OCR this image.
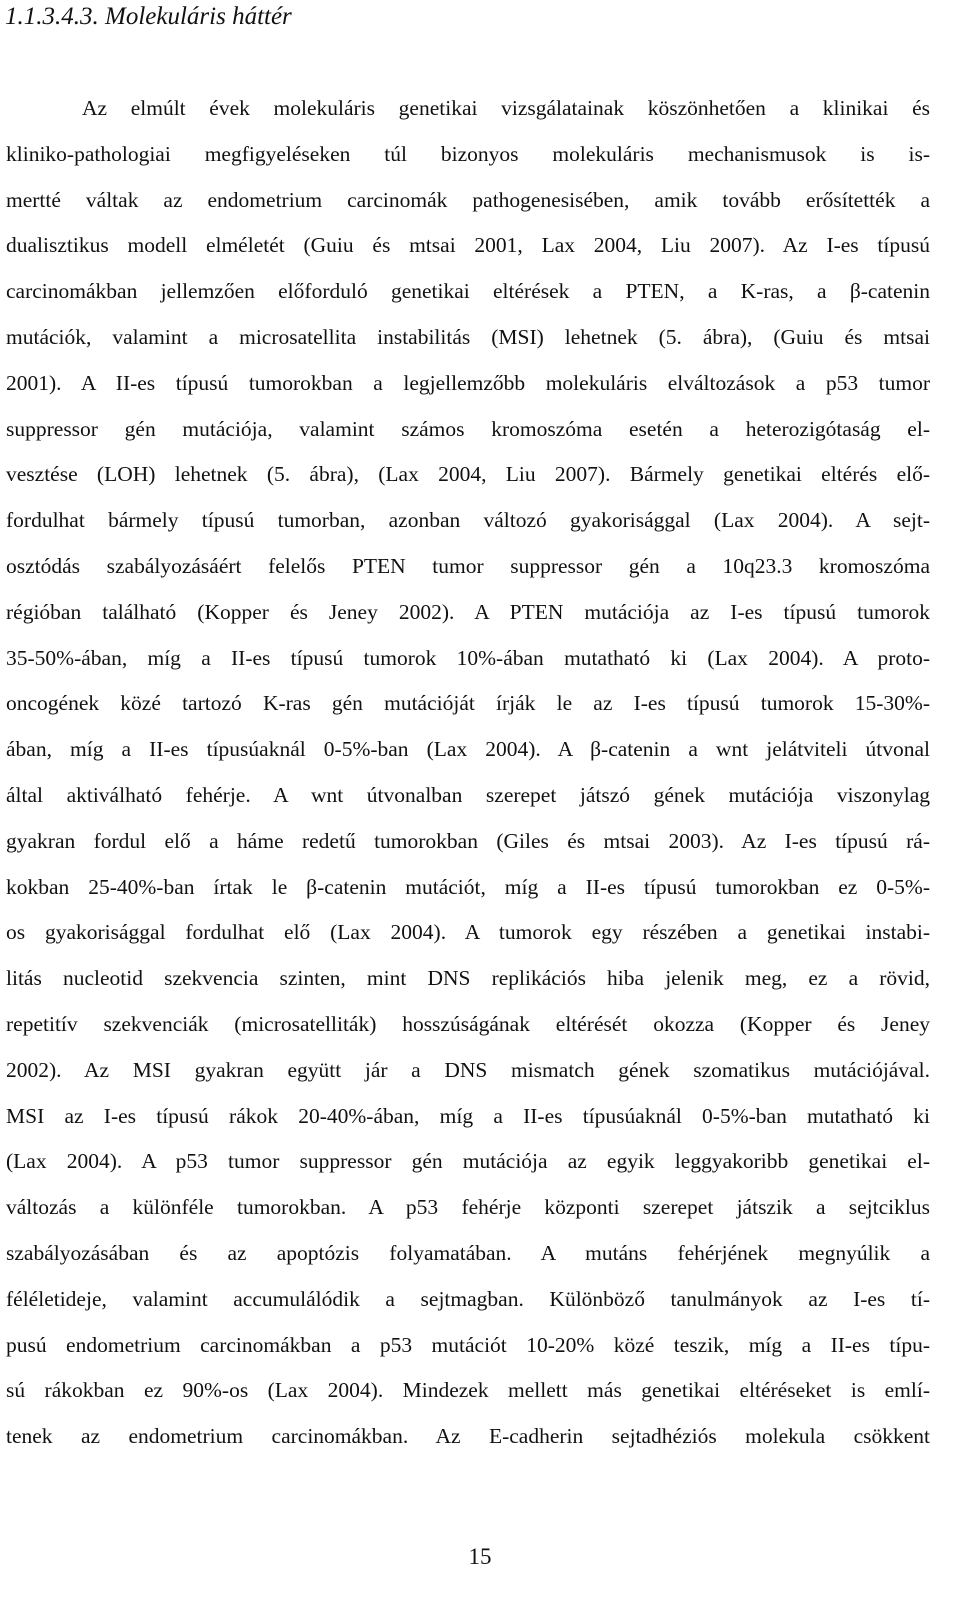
1.1.3.4.3. Molekuláris háttér
Az elmúlt évek molekuláris genetikai vizsgálatainak köszönhetően a klinikai és
kliniko-pathologiai megfigyeléseken túl bizonyos molekuláris mechanismusok is is-
mertté váltak az endometrium carcinomák pathogenesisében, amik tovább erősítették a
dualisztikus modell elméletét (Guiu és mtsai 2001, Lax 2004, Liu 2007). Az I-es típusú
carcinomákban jellemzően előforduló genetikai eltérések a PTEN, a K-ras, a β-catenin
mutációk, valamint a microsatellita instabilitás (MSI) lehetnek (5. ábra), (Guiu és mtsai
2001). A II-es típusú tumorokban a legjellemzőbb molekuláris elváltozások a p53 tumor
suppressor gén mutációja, valamint számos kromoszóma esetén a heterozigótaság el-
vesztése (LOH) lehetnek (5. ábra), (Lax 2004, Liu 2007). Bármely genetikai eltérés elő-
fordulhat bármely típusú tumorban, azonban változó gyakorisággal (Lax 2004). A sejt-
osztódás szabályozásáért felelős PTEN tumor suppressor gén a 10q23.3 kromoszóma
régióban található (Kopper és Jeney 2002). A PTEN mutációja az I-es típusú tumorok
35-50%-ában, míg a II-es típusú tumorok 10%-ában mutatható ki (Lax 2004). A proto-
oncogének közé tartozó K-ras gén mutációját írják le az I-es típusú tumorok 15-30%-
ában, míg a II-es típusúaknál 0-5%-ban (Lax 2004). A β-catenin a wnt jelátviteli útvonal
által aktiválható fehérje. A wnt útvonalban szerepet játszó gének mutációja viszonylag
gyakran fordul elő a háme redetű tumorokban (Giles és mtsai 2003). Az I-es típusú rá-
kokban 25-40%-ban írtak le β-catenin mutációt, míg a II-es típusú tumorokban ez 0-5%-
os gyakorisággal fordulhat elő (Lax 2004). A tumorok egy részében a genetikai instabi-
litás nucleotid szekvencia szinten, mint DNS replikációs hiba jelenik meg, ez a rövid,
repetitív szekvenciák (microsatelliták) hosszúságának eltérését okozza (Kopper és Jeney
2002). Az MSI gyakran együtt jár a DNS mismatch gének szomatikus mutációjával.
MSI az I-es típusú rákok 20-40%-ában, míg a II-es típusúaknál 0-5%-ban mutatható ki
(Lax 2004). A p53 tumor suppressor gén mutációja az egyik leggyakoribb genetikai el-
változás a különféle tumorokban. A p53 fehérje központi szerepet játszik a sejtciklus
szabályozásában és az apoptózis folyamatában. A mutáns fehérjének megnyúlik a
féléletideje, valamint accumulálódik a sejtmagban. Különböző tanulmányok az I-es tí-
pusú endometrium carcinomákban a p53 mutációt 10-20% közé teszik, míg a II-es típu-
sú rákokban ez 90%-os (Lax 2004). Mindezek mellett más genetikai eltéréseket is emlí-
tenek az endometrium carcinomákban. Az E-cadherin sejtadhéziós molekula csökkent

15
